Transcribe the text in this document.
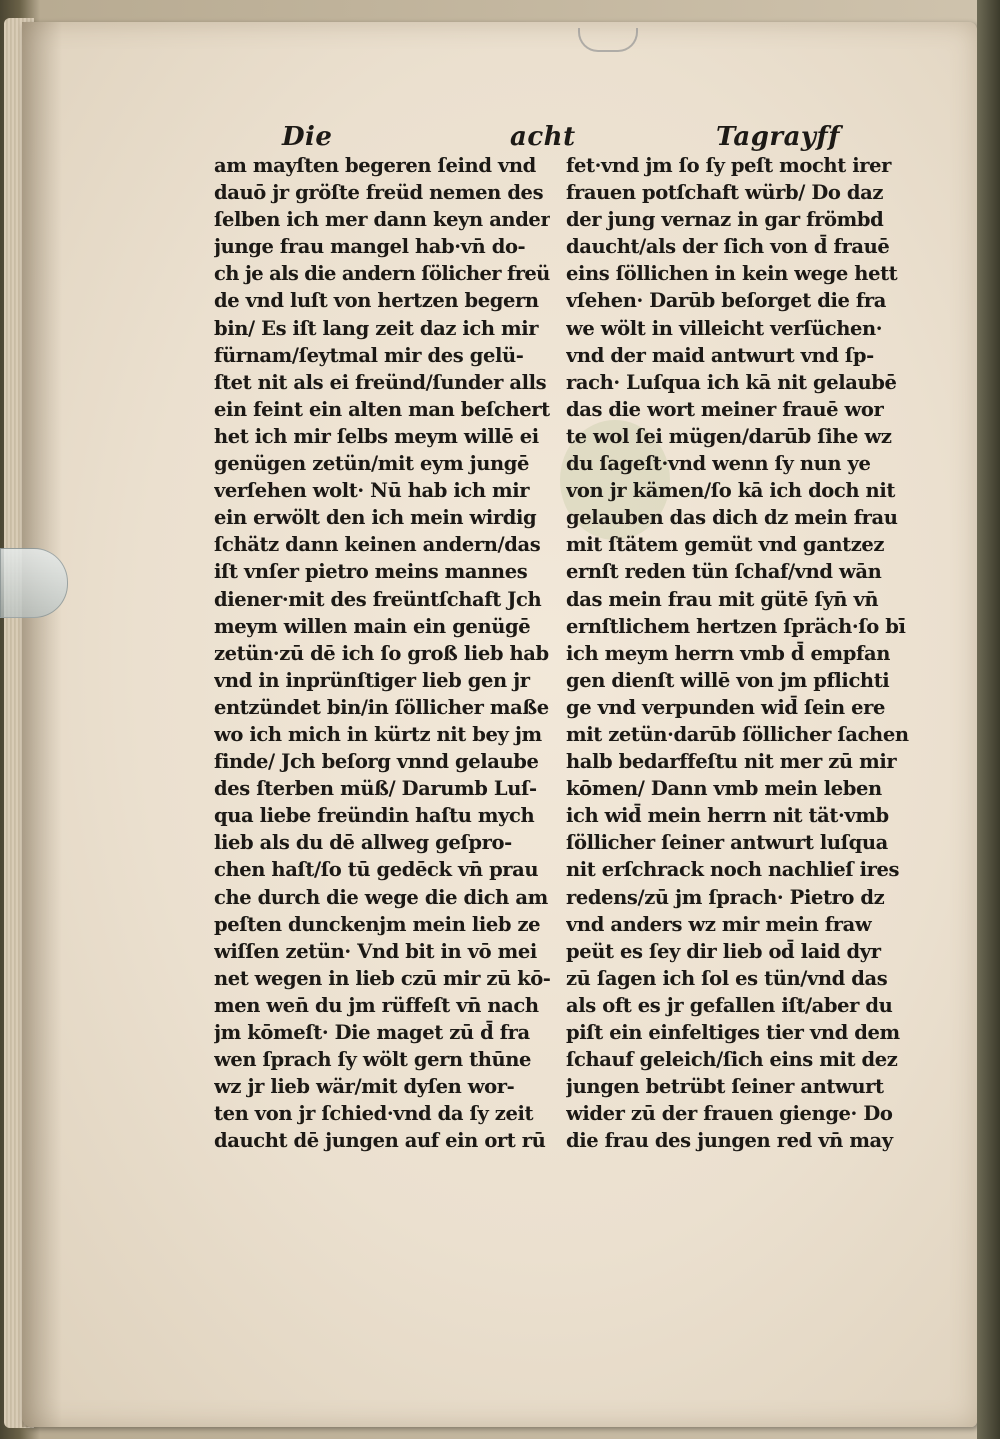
Die	acht	Tagrayff
am mayſten begeren ſeind vnd
dauō jr gröſte freüd nemen des
ſelben ich mer dann keyn ander
junge frau mangel hab·vn̄ do-
ch je als die andern ſölicher freü
de vnd luſt von hertzen begern
bin/ Es iſt lang zeit daz ich mir
fürnam/ſeytmal mir des gelü-
ſtet nit als ei freünd/ſunder alls
ein feint ein alten man beſchert
het ich mir ſelbs meym willē ei
genügen zetün/mit eym jungē
verſehen wolt· Nū hab ich mir
ein erwölt den ich mein wirdig
ſchätz dann keinen andern/das
iſt vnſer pietro meins mannes
diener·mit des freüntſchaft Jch
meym willen main ein genügē
zetün·zū dē ich ſo groß lieb hab
vnd in inprünſtiger lieb gen jr
entzündet bin/in ſöllicher maße
wo ich mich in kürtz nit bey jm
finde/ Jch beſorg vnnd gelaube
des ſterben müß/ Darumb Luſ-
qua liebe freündin haſtu mych
lieb als du dē allweg geſpro-
chen haſt/ſo tū gedēck vn̄ prau
che durch die wege die dich am
peſten dunckenjm mein lieb ze
wiſſen zetün· Vnd bit in vō mei
net wegen in lieb czū mir zū kō-
men wen̄ du jm rüffeſt vn̄ nach
jm kōmeſt· Die maget zū d̄ fra
wen ſprach ſy wölt gern thūne
wz jr lieb wär/mit dyſen wor-
ten von jr ſchied·vnd da ſy zeit
daucht dē jungen auf ein ort rū
fet·vnd jm ſo ſy peſt mocht irer
frauen potſchaft würb/ Do daz
der jung vernaz in gar frömbd
daucht/als der ſich von d̄ frauē
eins ſöllichen in kein wege hett
vſehen· Darūb beſorget die fra
we wölt in villeicht verſüchen·
vnd der maid antwurt vnd ſp-
rach· Luſqua ich kā nit gelaubē
das die wort meiner frauē wor
te wol ſei mügen/darūb ſihe wz
du ſageſt·vnd wenn ſy nun ye
von jr kämen/ſo kā ich doch nit
gelauben das dich dz mein frau
mit ſtätem gemüt vnd gantzez
ernſt reden tün ſchaf/vnd wān
das mein frau mit gütē ſyn̄ vn̄
ernſtlichem hertzen ſpräch·ſo bī
ich meym herrn vmb d̄ empfan
gen dienſt willē von jm pflichti
ge vnd verpunden wid̄ ſein ere
mit zetün·darūb ſöllicher ſachen
halb bedarffeſtu nit mer zū mir
kōmen/ Dann vmb mein leben
ich wid̄ mein herrn nit tät·vmb
ſöllicher ſeiner antwurt luſqua
nit erſchrack noch nachlieſ ires
redens/zū jm ſprach· Pietro dz
vnd anders wz mir mein fraw
peüt es ſey dir lieb od̄ laid dyr
zū ſagen ich ſol es tün/vnd das
als oft es jr gefallen iſt/aber du
piſt ein einfeltiges tier vnd dem
ſchauf geleich/ſich eins mit dez
jungen betrübt ſeiner antwurt
wider zū der frauen gienge· Do
die frau des jungen red vn̄ may
